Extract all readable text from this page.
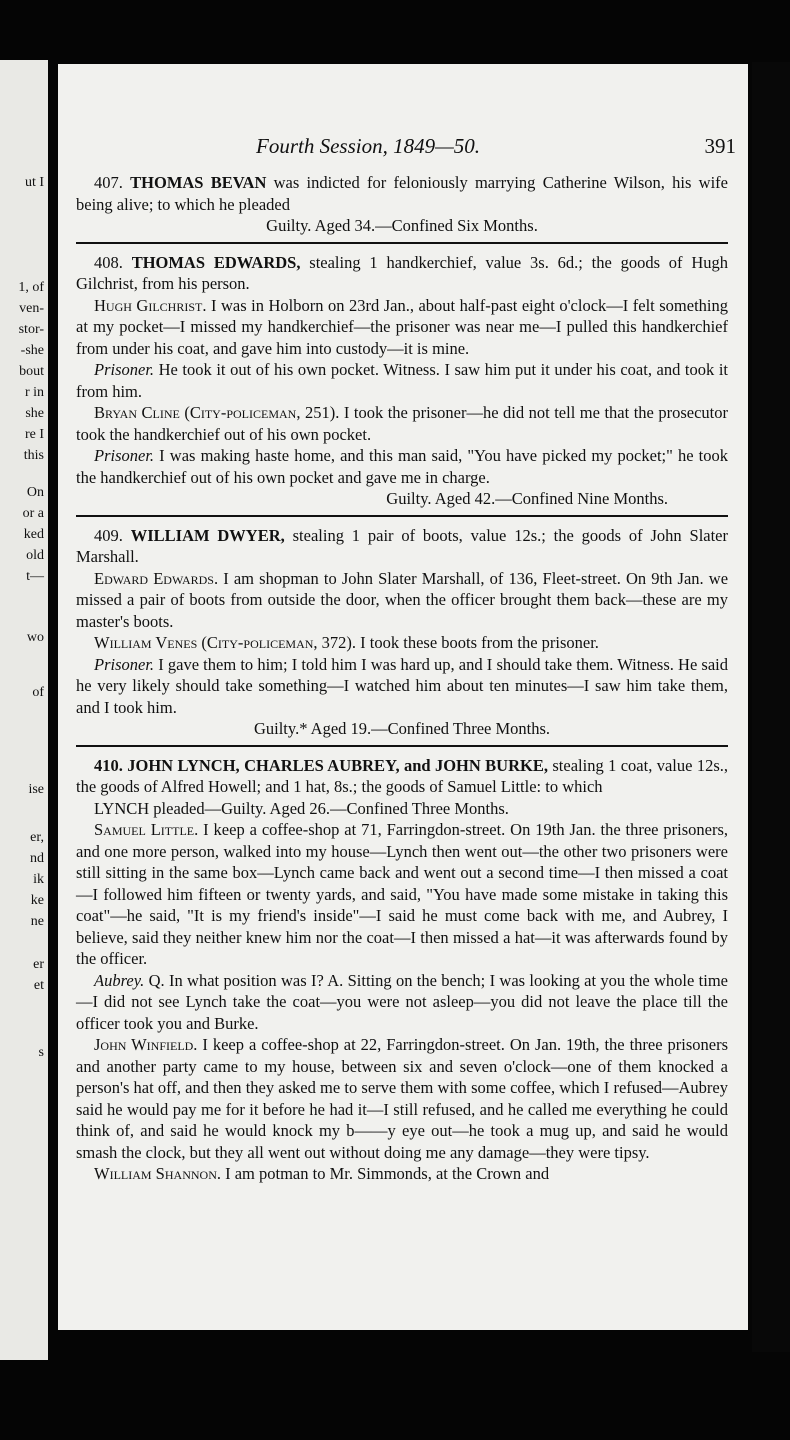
ut I
1, of
ven-
stor-
-she
bout
r in
she
re I
this
On
or a
ked
old
t—
wo
of
ise
er,
nd
ik
ke
ne
er
et
s
Fourth Session, 1849—50.	391

407. THOMAS BEVAN was indicted for feloniously marrying Catherine Wilson, his wife being alive; to which he pleaded

Guilty. Aged 34.—Confined Six Months.

408. THOMAS EDWARDS, stealing 1 handkerchief, value 3s. 6d.; the goods of Hugh Gilchrist, from his person.

Hugh Gilchrist. I was in Holborn on 23rd Jan., about half-past eight o'clock—I felt something at my pocket—I missed my handkerchief—the prisoner was near me—I pulled this handkerchief from under his coat, and gave him into custody—it is mine.

Prisoner. He took it out of his own pocket. Witness. I saw him put it under his coat, and took it from him.

Bryan Cline (City-policeman, 251). I took the prisoner—he did not tell me that the prosecutor took the handkerchief out of his own pocket.

Prisoner. I was making haste home, and this man said, "You have picked my pocket;" he took the handkerchief out of his own pocket and gave me in charge.

Guilty. Aged 42.—Confined Nine Months.

409. WILLIAM DWYER, stealing 1 pair of boots, value 12s.; the goods of John Slater Marshall.

Edward Edwards. I am shopman to John Slater Marshall, of 136, Fleet-street. On 9th Jan. we missed a pair of boots from outside the door, when the officer brought them back—these are my master's boots.

William Venes (City-policeman, 372). I took these boots from the prisoner.

Prisoner. I gave them to him; I told him I was hard up, and I should take them. Witness. He said he very likely should take something—I watched him about ten minutes—I saw him take them, and I took him.

Guilty.* Aged 19.—Confined Three Months.

410. JOHN LYNCH, CHARLES AUBREY, and JOHN BURKE, stealing 1 coat, value 12s., the goods of Alfred Howell; and 1 hat, 8s.; the goods of Samuel Little: to which

LYNCH pleaded—Guilty. Aged 26.—Confined Three Months.

Samuel Little. I keep a coffee-shop at 71, Farringdon-street. On 19th Jan. the three prisoners, and one more person, walked into my house—Lynch then went out—the other two prisoners were still sitting in the same box—Lynch came back and went out a second time—I then missed a coat—I followed him fifteen or twenty yards, and said, "You have made some mistake in taking this coat"—he said, "It is my friend's inside"—I said he must come back with me, and Aubrey, I believe, said they neither knew him nor the coat—I then missed a hat—it was afterwards found by the officer.

Aubrey. Q. In what position was I? A. Sitting on the bench; I was looking at you the whole time—I did not see Lynch take the coat—you were not asleep—you did not leave the place till the officer took you and Burke.

John Winfield. I keep a coffee-shop at 22, Farringdon-street. On Jan. 19th, the three prisoners and another party came to my house, between six and seven o'clock—one of them knocked a person's hat off, and then they asked me to serve them with some coffee, which I refused—Aubrey said he would pay me for it before he had it—I still refused, and he called me everything he could think of, and said he would knock my b——y eye out—he took a mug up, and said he would smash the clock, but they all went out without doing me any damage—they were tipsy.

William Shannon. I am potman to Mr. Simmonds, at the Crown and
